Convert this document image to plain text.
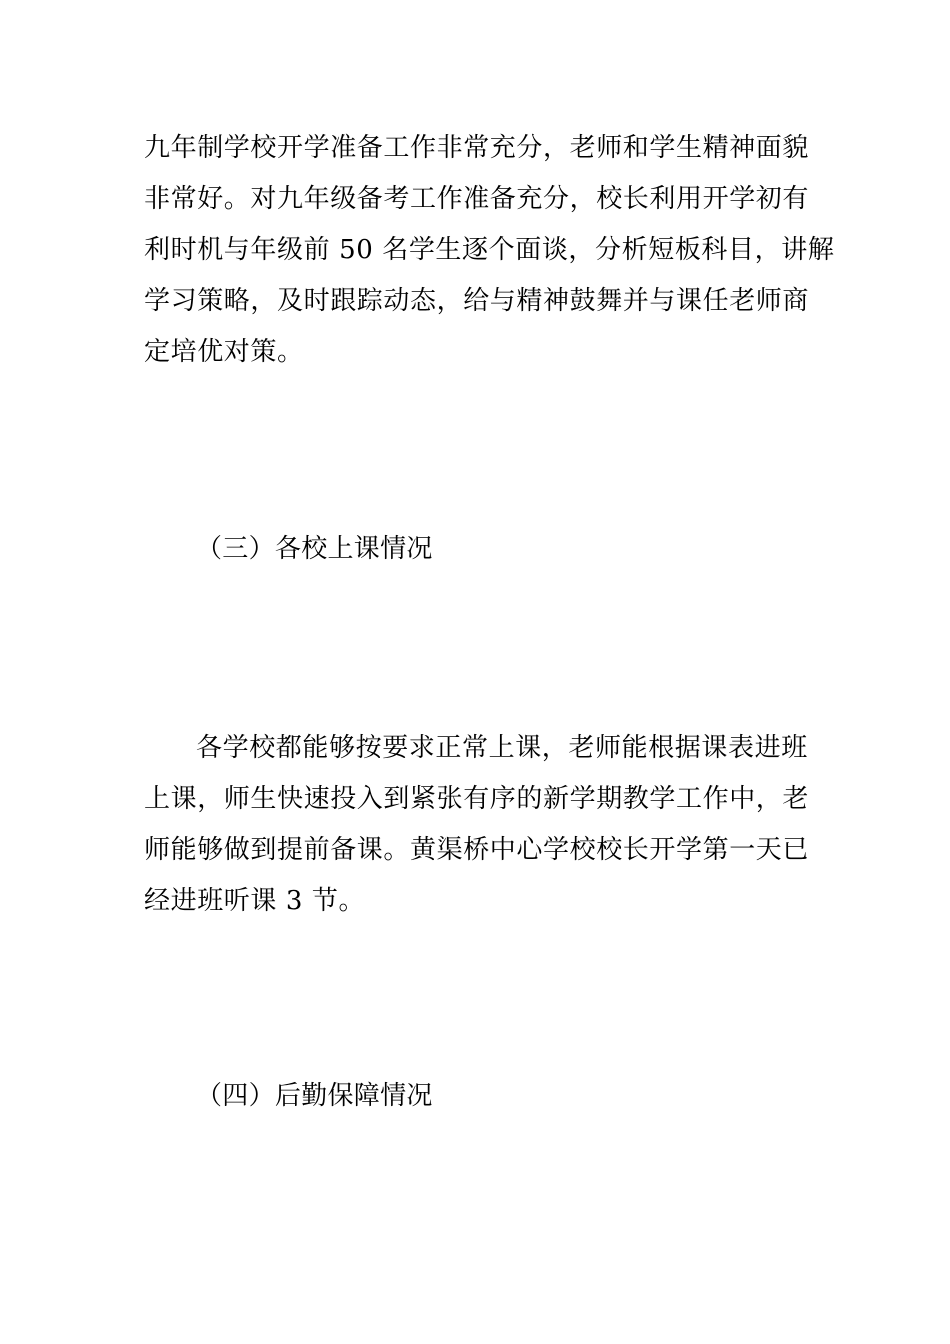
九年制学校开学准备工作非常充分，老师和学生精神面貌
非常好。对九年级备考工作准备充分，校长利用开学初有
利时机与年级前 50 名学生逐个面谈，分析短板科目，讲解
学习策略，及时跟踪动态，给与精神鼓舞并与课任老师商
定培优对策。
（三）各校上课情况
各学校都能够按要求正常上课，老师能根据课表进班
上课，师生快速投入到紧张有序的新学期教学工作中，老
师能够做到提前备课。黄渠桥中心学校校长开学第一天已
经进班听课 3 节。
（四）后勤保障情况
